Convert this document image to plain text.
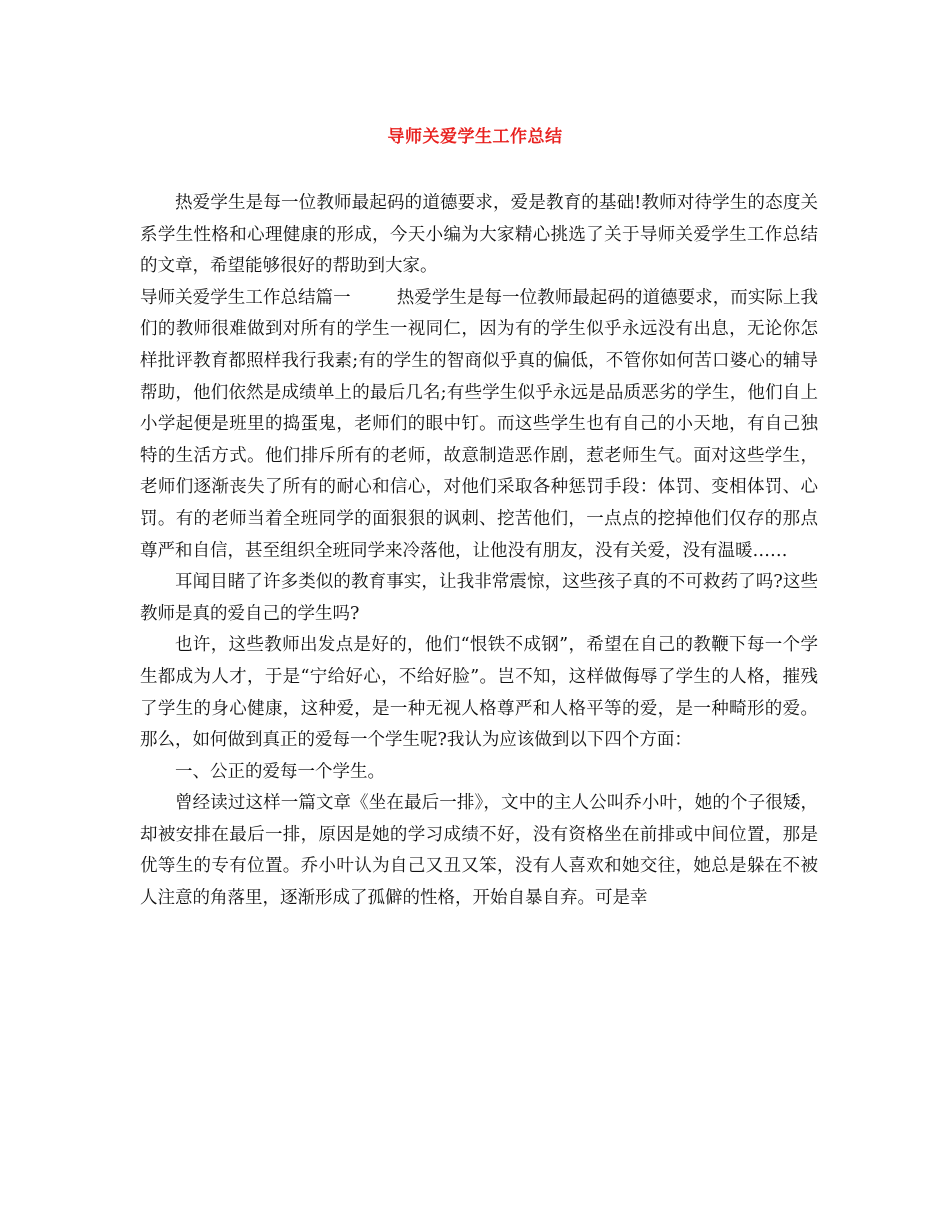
导师关爱学生工作总结

热爱学生是每一位教师最起码的道德要求，爱是教育的基础!教师对待学生的态度关系学生性格和心理健康的形成，今天小编为大家精心挑选了关于导师关爱学生工作总结的文章，希望能够很好的帮助到大家。

导师关爱学生工作总结篇一	热爱学生是每一位教师最起码的道德要求，而实际上我们的教师很难做到对所有的学生一视同仁，因为有的学生似乎永远没有出息，无论你怎样批评教育都照样我行我素;有的学生的智商似乎真的偏低，不管你如何苦口婆心的辅导帮助，他们依然是成绩单上的最后几名;有些学生似乎永远是品质恶劣的学生，他们自上小学起便是班里的捣蛋鬼，老师们的眼中钉。而这些学生也有自己的小天地，有自己独特的生活方式。他们排斥所有的老师，故意制造恶作剧，惹老师生气。面对这些学生，老师们逐渐丧失了所有的耐心和信心，对他们采取各种惩罚手段：体罚、变相体罚、心罚。有的老师当着全班同学的面狠狠的讽刺、挖苦他们，一点点的挖掉他们仅存的那点尊严和自信，甚至组织全班同学来冷落他，让他没有朋友，没有关爱，没有温暖……

耳闻目睹了许多类似的教育事实，让我非常震惊，这些孩子真的不可救药了吗?这些教师是真的爱自己的学生吗?

也许，这些教师出发点是好的，他们“恨铁不成钢”，希望在自己的教鞭下每一个学生都成为人才，于是“宁给好心，不给好脸”。岂不知，这样做侮辱了学生的人格，摧残了学生的身心健康，这种爱，是一种无视人格尊严和人格平等的爱，是一种畸形的爱。那么，如何做到真正的爱每一个学生呢?我认为应该做到以下四个方面：

一、公正的爱每一个学生。

曾经读过这样一篇文章《坐在最后一排》，文中的主人公叫乔小叶，她的个子很矮，却被安排在最后一排，原因是她的学习成绩不好，没有资格坐在前排或中间位置，那是优等生的专有位置。乔小叶认为自己又丑又笨，没有人喜欢和她交往，她总是躲在不被人注意的角落里，逐渐形成了孤僻的性格，开始自暴自弃。可是幸
